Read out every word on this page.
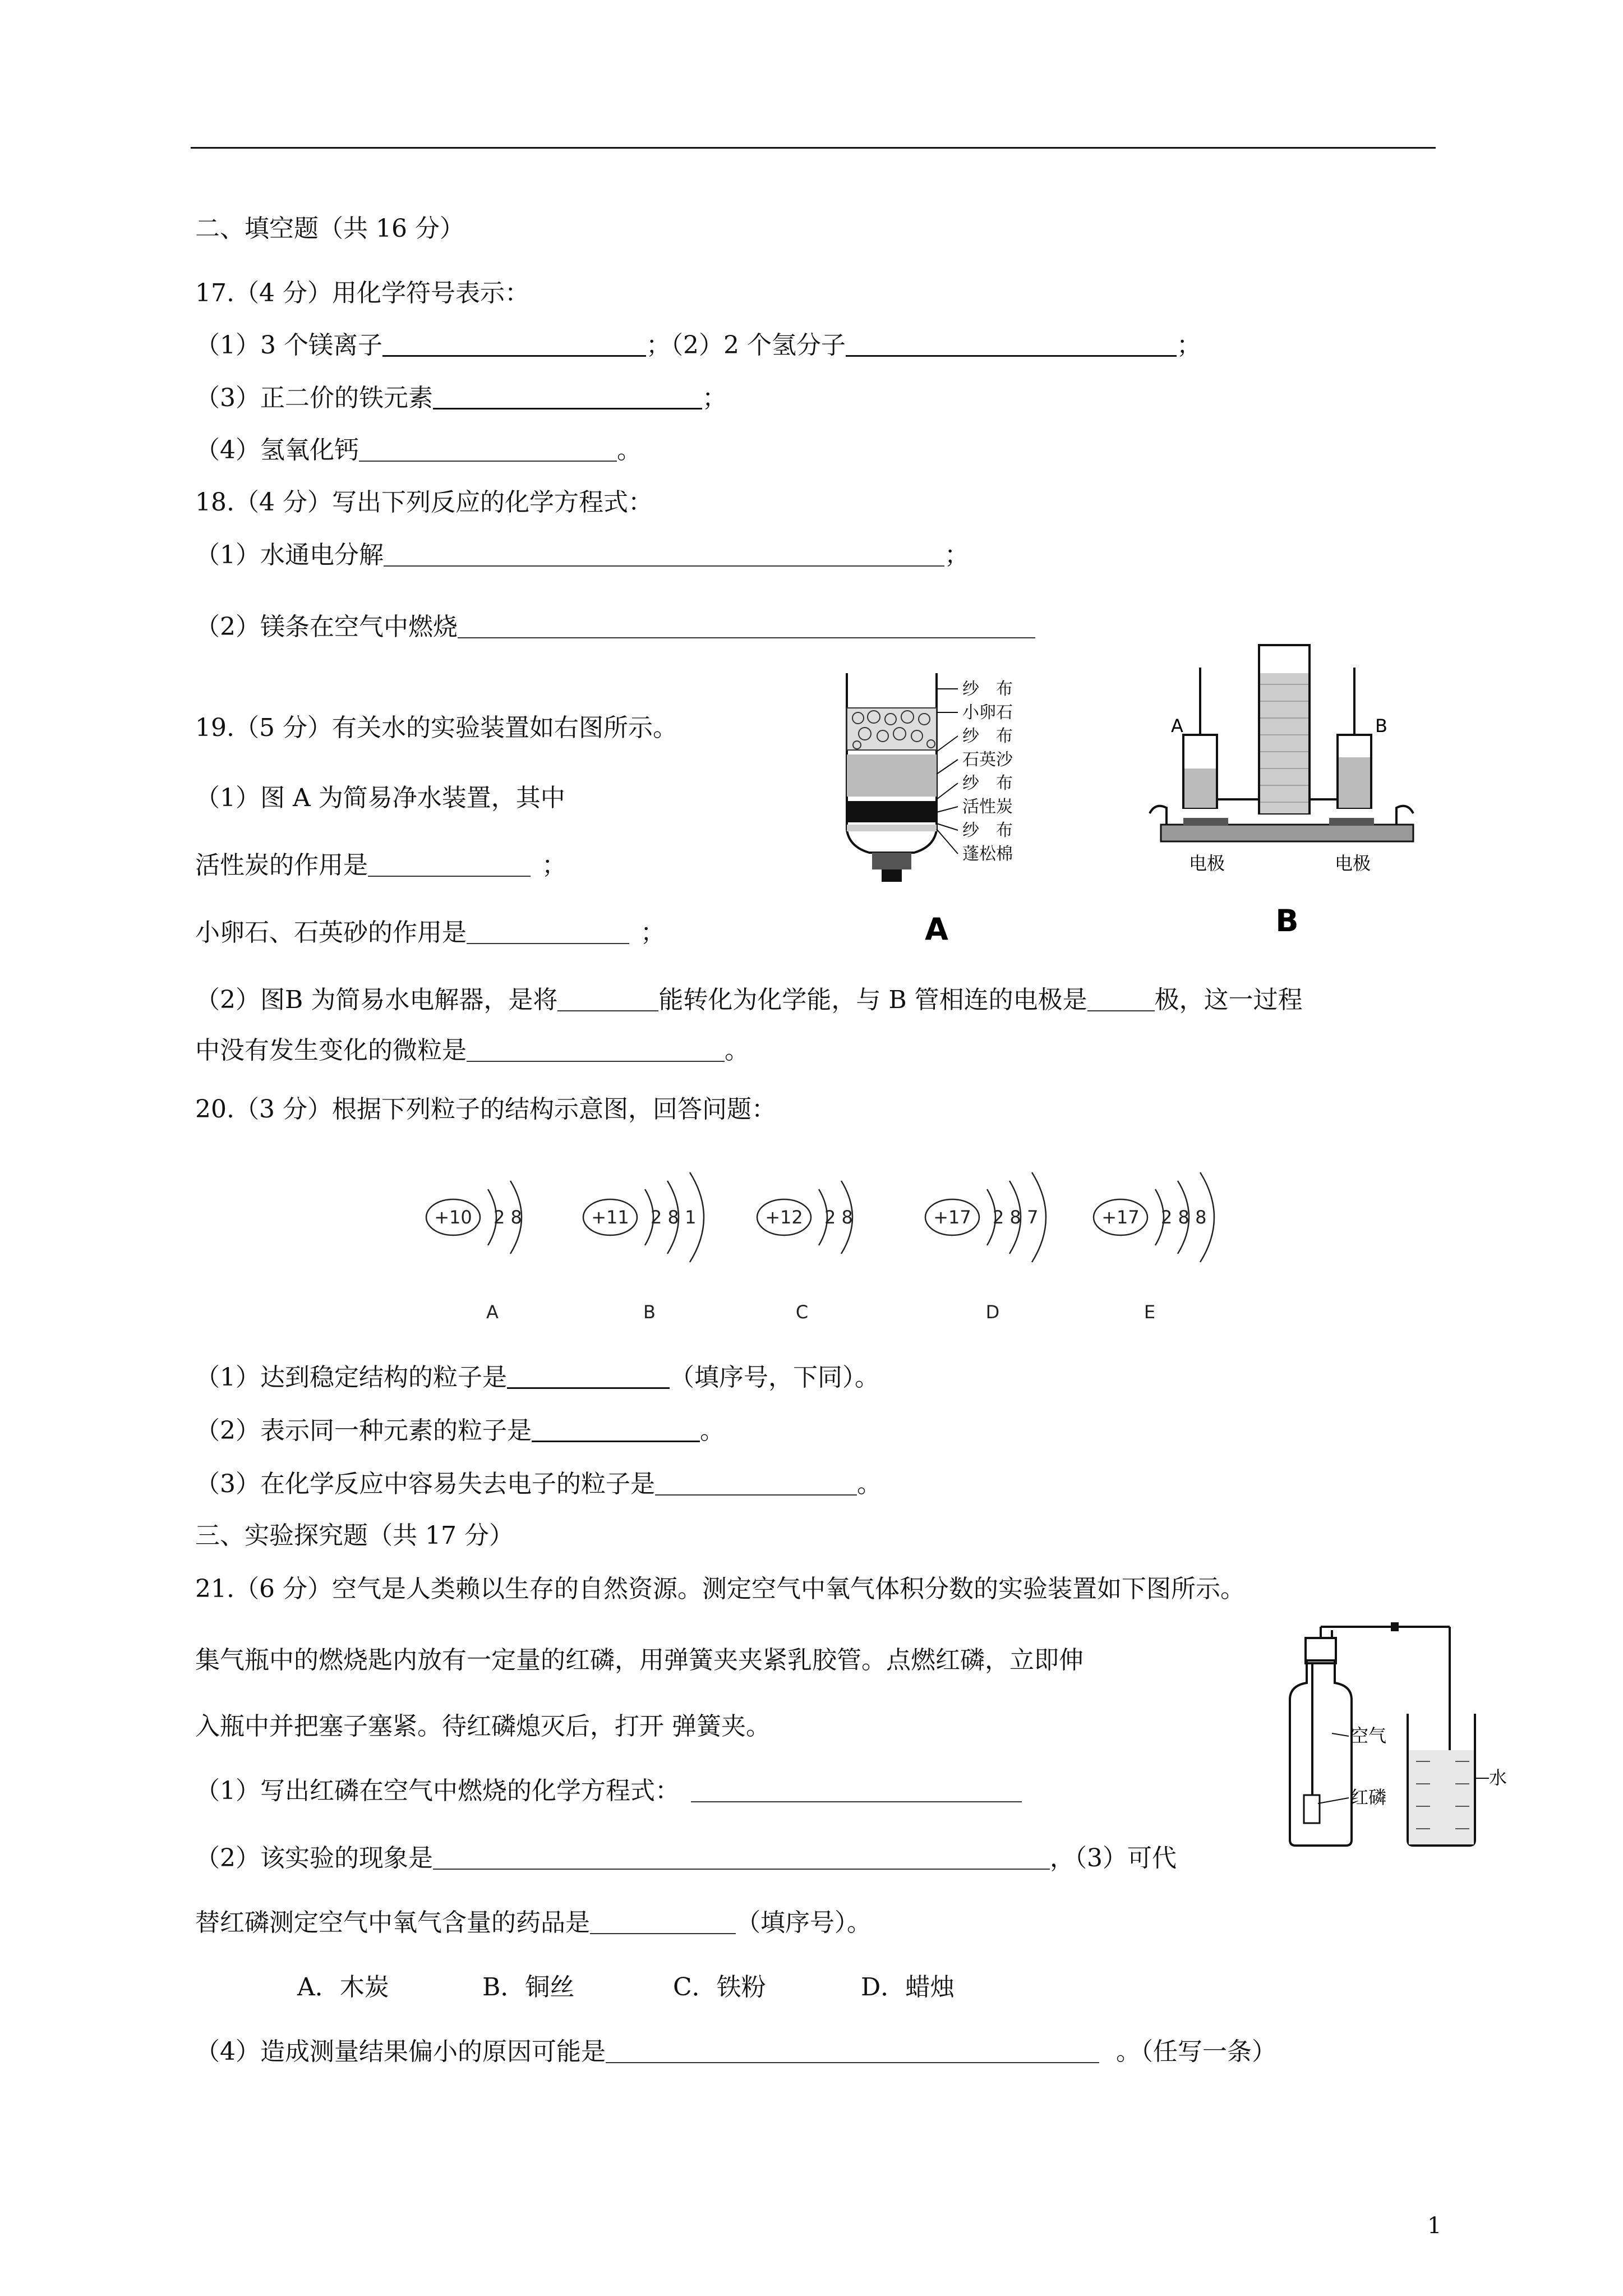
二、填空题（共 16 分）
17.（4 分）用化学符号表示：
（1）3 个镁离子	；（2）2 个氢分子	；
（3）正二价的铁元素	；
（4）氢氧化钙	。
18.（4 分）写出下列反应的化学方程式：
（1）水通电分解	；
（2）镁条在空气中燃烧
19.（5 分）有关水的实验装置如右图所示。
（1）图 A 为简易净水装置，其中
活性炭的作用是	；
小卵石、石英砂的作用是	；
（2）图B 为简易水电解器，是将	能转化为化学能，与 B 管相连的电极是	极，这一过程
中没有发生变化的微粒是	。
纱　布
小卵石
纱　布
石英沙
纱　布
活性炭
纱　布
蓬松棉
A
A	B
电极	电极
B
20.（3 分）根据下列粒子的结构示意图，回答问题：
+10 2 8	+11 2 8 1	+12 2 8	+17 2 8 7	+17 2 8 8
A	B	C	D	E
（1）达到稳定结构的粒子是	（填序号，下同）。
（2）表示同一种元素的粒子是	。
（3）在化学反应中容易失去电子的粒子是	。
三、实验探究题（共 17 分）
21.（6 分）空气是人类赖以生存的自然资源。测定空气中氧气体积分数的实验装置如下图所示。
集气瓶中的燃烧匙内放有一定量的红磷，用弹簧夹夹紧乳胶管。点燃红磷，立即伸
入瓶中并把塞子塞紧。待红磷熄灭后，打开 弹簧夹。
（1）写出红磷在空气中燃烧的化学方程式：
（2）该实验的现象是	，（3）可代
替红磷测定空气中氧气含量的药品是	（填序号）。
A．木炭	B．铜丝	C．铁粉	D．蜡烛
（4）造成测量结果偏小的原因可能是	。（任写一条）
空气
红磷
水
1
